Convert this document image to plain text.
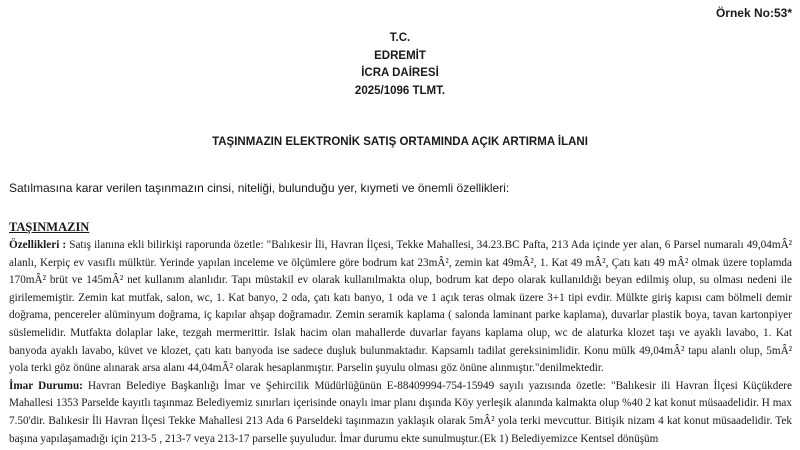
Örnek No:53*
T.C.
EDREMİT
İCRA DAİRESİ
2025/1096 TLMT.
TAŞINMAZIN ELEKTRONİK SATIŞ ORTAMINDA AÇIK ARTIRMA İLANI
Satılmasına karar verilen taşınmazın cinsi, niteliği, bulunduğu yer, kıymeti ve önemli özellikleri:
TAŞINMAZIN

Özellikleri : Satış ilanına ekli bilirkişi raporunda özetle: "Balıkesir İli, Havran İlçesi, Tekke Mahallesi, 34.23.BC Pafta, 213 Ada içinde yer alan, 6 Parsel numaralı 49,04mÂ² alanlı, Kerpiç ev vasıflı mülktür. Yerinde yapılan inceleme ve ölçümlere göre bodrum kat 23mÂ², zemin kat 49mÂ², 1. Kat 49 mÂ², Çatı katı 49 mÂ² olmak üzere toplamda 170mÂ² brüt ve 145mÂ² net kullanım alanlıdır. Tapı müstakil ev olarak kullanılmakta olup, bodrum kat depo olarak kullanıldığı beyan edilmiş olup, su olması nedeni ile girilememiştir. Zemin kat mutfak, salon, wc, 1. Kat banyo, 2 oda, çatı katı banyo, 1 oda ve 1 açık teras olmak üzere 3+1 tipi evdir. Mülkte giriş kapısı cam bölmeli demir doğrama, pencereler alüminyum doğrama, iç kapılar ahşap doğramadır. Zemin seramik kaplama ( salonda laminant parke kaplama), duvarlar plastik boya, tavan kartonpiyer süslemelidir. Mutfakta dolaplar lake, tezgah mermerittir. Islak hacim olan mahallerde duvarlar fayans kaplama olup, wc de alaturka klozet taşı ve ayaklı lavabo, 1. Kat banyoda ayaklı lavabo, küvet ve klozet, çatı katı banyoda ise sadece duşluk bulunmaktadır. Kapsamlı tadilat gereksinimlidir. Konu mülk 49,04mÂ² tapu alanlı olup, 5mÂ² yola terki göz önüne alınarak arsa alanı 44,04mÂ² olarak hesaplanmıştır. Parselin şuyulu olması göz önüne alınmıştır."denilmektedir.

İmar Durumu: Havran Belediye Başkanlığı İmar ve Şehircilik Müdürlüğünün E-88409994-754-15949 sayılı yazısında özetle: "Balıkesir ili Havran İlçesi Küçükdere Mahallesi 1353 Parselde kayıtlı taşınmaz Belediyemiz sınırları içerisinde onaylı imar planı dışında Köy yerleşik alanında kalmakta olup %40 2 kat konut müsaadelidir. H max 7.50'dir. Balıkesir İli Havran İlçesi Tekke Mahallesi 213 Ada 6 Parseldeki taşınmazın yaklaşık olarak 5mÂ² yola terki mevcuttur. Bitişik nizam 4 kat konut müsaadelidir. Tek başına yapılaşamadığı için 213-5 , 213-7 veya 213-17 parselle şuyuludur. İmar durumu ekte sunulmuştur.(Ek 1) Belediyemizce Kentsel dönüşüm
